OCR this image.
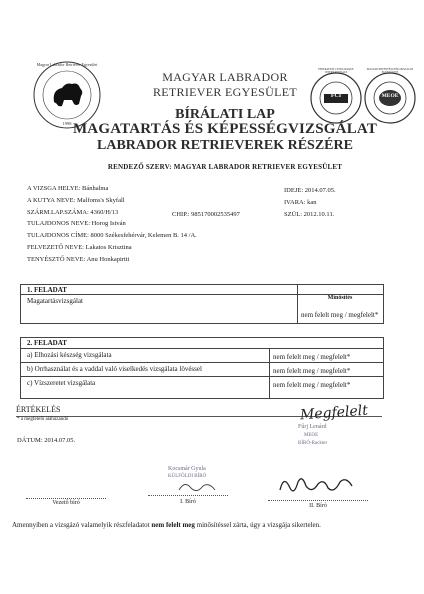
Magyar Labrador Retriever Egyesület
1998
FCI	MEOE
FEDERATION CYNOLOGIQUE INTERNATIONALE
MAGYAR EBTENYÉSZTŐK ORSZÁGOS EGYESÜLETE
MAGYAR LABRADOR
RETRIEVER EGYESÜLET
BÍRÁLATI LAP
MAGATARTÁS ÉS KÉPESSÉGVIZSGÁLAT
LABRADOR RETRIEVEREK RÉSZÉRE
RENDEZŐ SZERV: MAGYAR LABRADOR RETRIEVER EGYESÜLET
A VIZSGA HELYE: Bánhalma
A KUTYA NEVE: Malfoms's Skyfall
SZÁRM.LAP.SZÁMA: 4360/H/13	CHIP.: 985170002535497
TULAJDONOS NEVE: Horog István
TULAJDONOS CÍME: 8000 Székesfehérvár, Kelemen B. 14 /A.
FELVEZETŐ NEVE: Lakatos Krisztina
TENYÉSZTŐ NEVE: Anu Honkapirtti
IDEJE: 2014.07.05.
IVARA: kan
SZÜL: 2012.10.11.
1. FELADAT
Minősítés
Magatartásvizsgálat
nem felelt meg / megfelelt*
2. FELADAT
a) Elhozási készség vizsgálata	nem felelt meg / megfelelt*
b) Orrhasználat és a vaddal való viselkedés vizsgálata lövéssel	nem felelt meg / megfelelt*
c) Vízszeretet vizsgálata	nem felelt meg / megfelelt*
ÉRTÉKELÉS
* a megfelelő aláhúzandó	Megfelelt
DÁTUM: 2014.07.05.
Kocsmár Gyula
KÜLFÖLDI BÍRÓ
Fűrj Lenárd
MEOE
BÍRÓ-Rackter
Vezető bíró	I. Bíró
II. Bíró
Amennyiben a vizsgázó valamelyik részfeladatot nem felelt meg minősítéssel zárta, úgy a vizsgája sikertelen.
